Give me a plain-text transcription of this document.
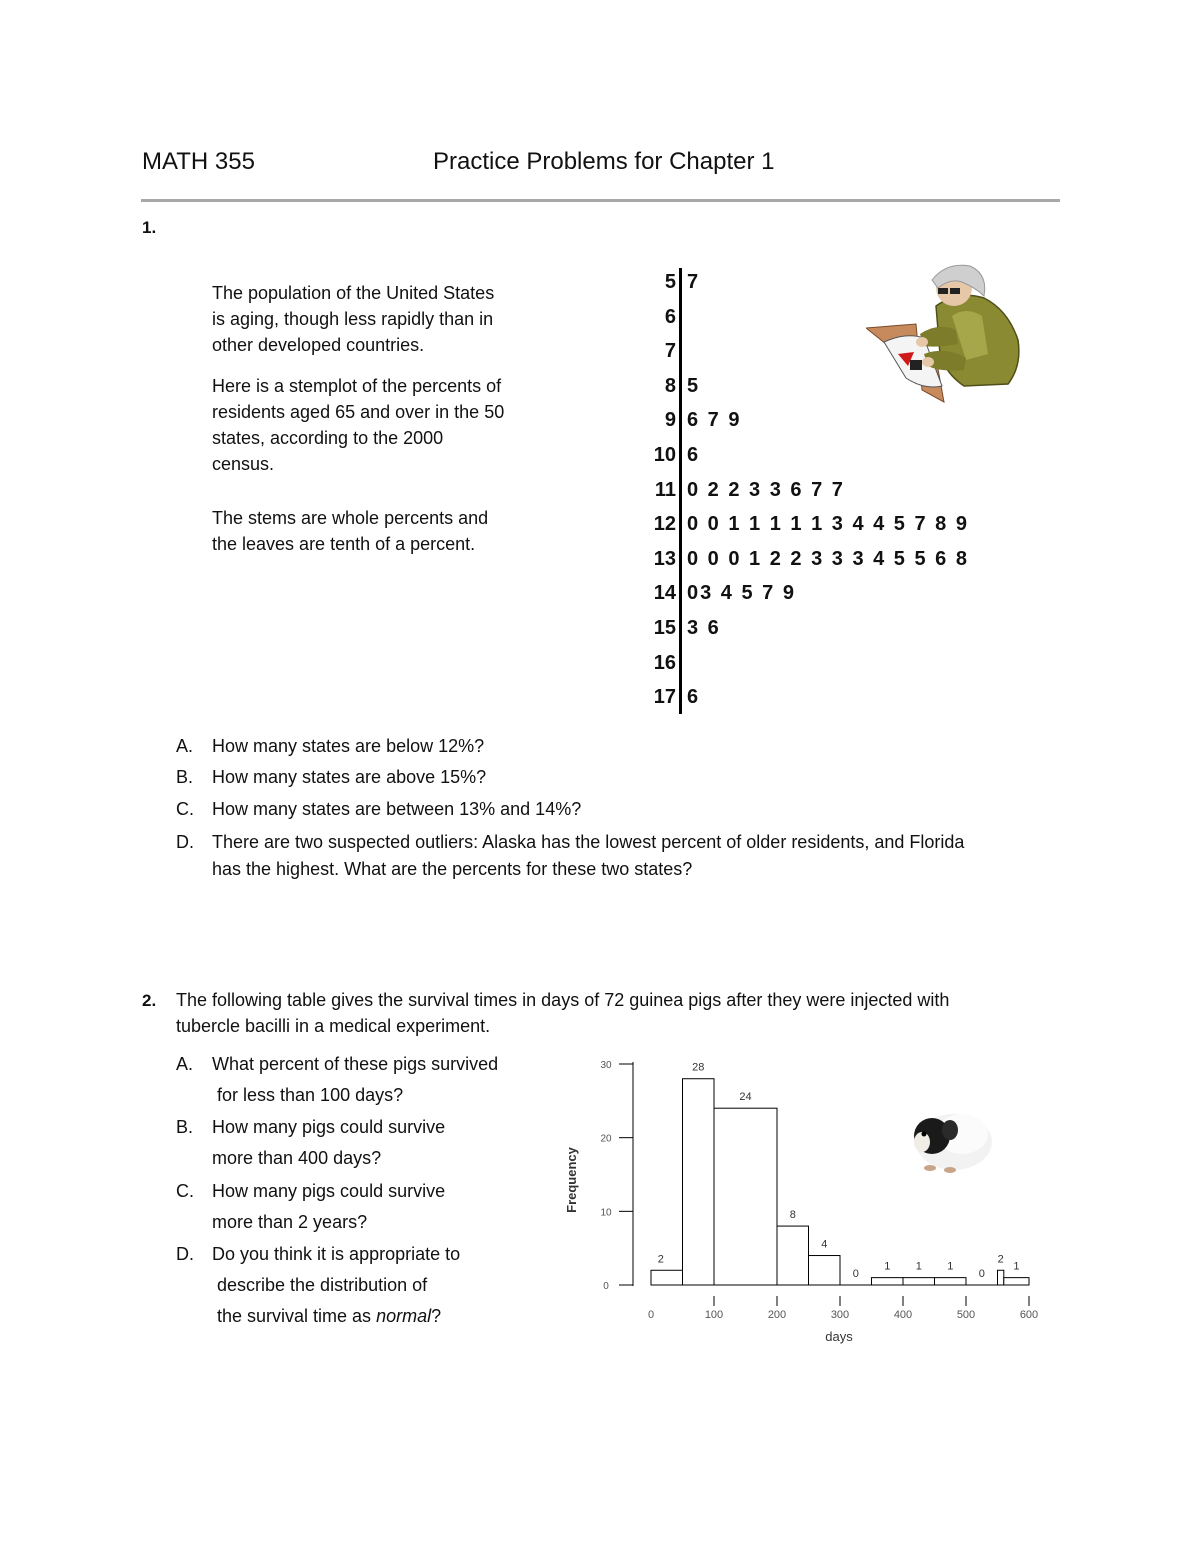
MATH 355	Practice Problems for Chapter 1
1.
The population of the United States
is aging, though less rapidly than in
other developed countries.
Here is a stemplot of the percents of
residents aged 65 and over in the 50
states, according to the 2000
census.
The stems are whole percents and
the leaves are tenth of a percent.
5 7
6
7
8 5
9 6 7 9
10 6
11 0 2 2 3 3 6 7 7
12 0 0 1 1 1 1 1 3 4 4 5 7 8 9
13 0 0 0 1 2 2 3 3 3 4 5 5 6 8
14 03 4 5 7 9
15 3 6
16
17 6
A. How many states are below 12%?
B. How many states are above 15%?
C. How many states are between 13% and 14%?
D. There are two suspected outliers: Alaska has the lowest percent of older residents, and Florida
has the highest. What are the percents for these two states?
2. The following table gives the survival times in days of 72 guinea pigs after they were injected with
tubercle bacilli in a medical experiment.
A. What percent of these pigs survived
for less than 100 days?
B. How many pigs could survive
more than 400 days?
C. How many pigs could survive
more than 2 years?
D. Do you think it is appropriate to
describe the distribution of
the survival time as normal?
0
10
20
30
0	100	200	300	400	500	600
2
28
24
8
4
0
1 1 1
0
2
1
Frequency
days
